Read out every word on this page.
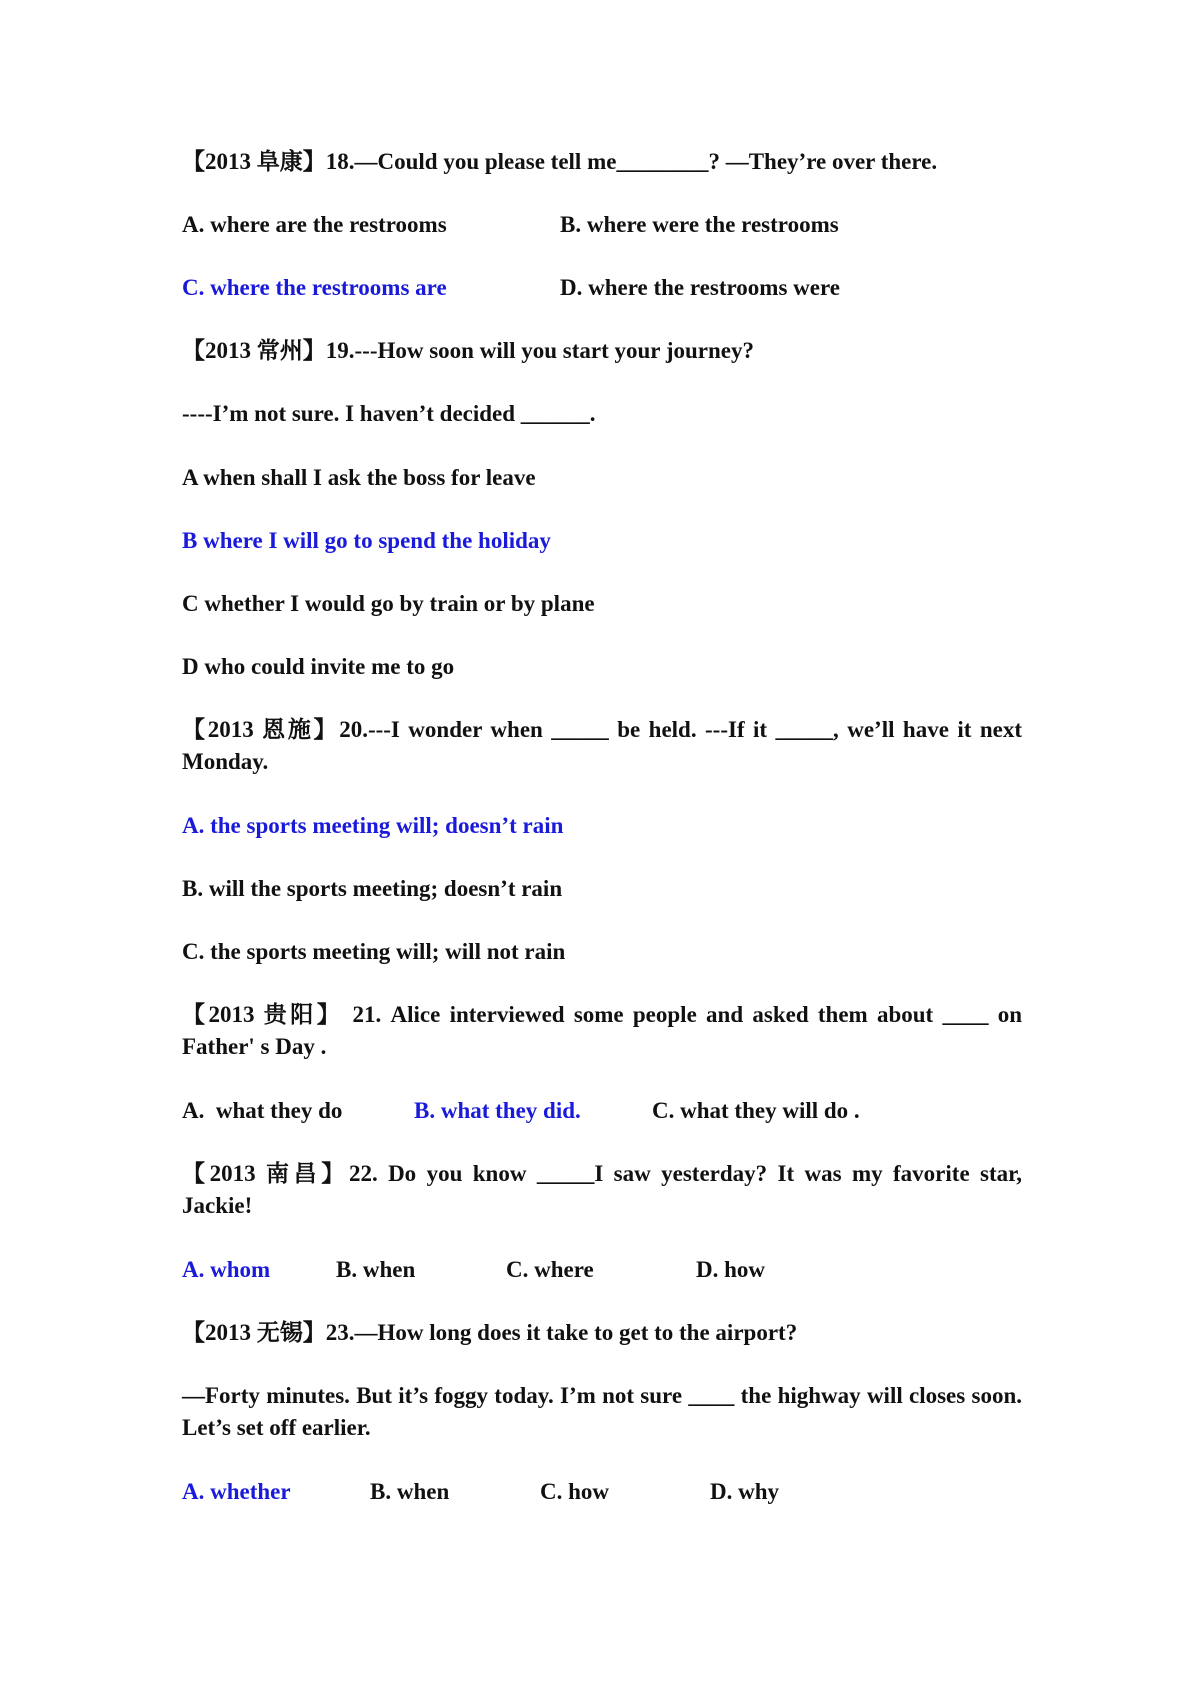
【2013 阜康】18.—Could you please tell me________? —They’re over there.
A. where are the restrooms	B. where were the restrooms
C. where the restrooms are	D. where the restrooms were
【2013 常州】19.---How soon will you start your journey?
----I’m not sure. I haven’t decided ______.
A when shall I ask the boss for leave
B where I will go to spend the holiday
C whether I would go by train or by plane
D who could invite me to go
【2013 恩施】20.---I wonder when _____ be held. ---If it _____, we’ll have it next Monday.
A. the sports meeting will; doesn’t rain
B. will the sports meeting; doesn’t rain
C. the sports meeting will; will not rain
【2013 贵阳】 21. Alice interviewed some people and asked them about ____ on Father' s Day .
A.  what they do	B. what they did.	C. what they will do .
【2013 南昌】22. Do you know _____I saw yesterday? It was my favorite star, Jackie!
A. whom	B. when	C. where	D. how
【2013 无锡】23.—How long does it take to get to the airport?
—Forty minutes. But it’s foggy today. I’m not sure ____ the highway will closes soon. Let’s set off earlier.
A. whether	B. when	C. how	D. why
